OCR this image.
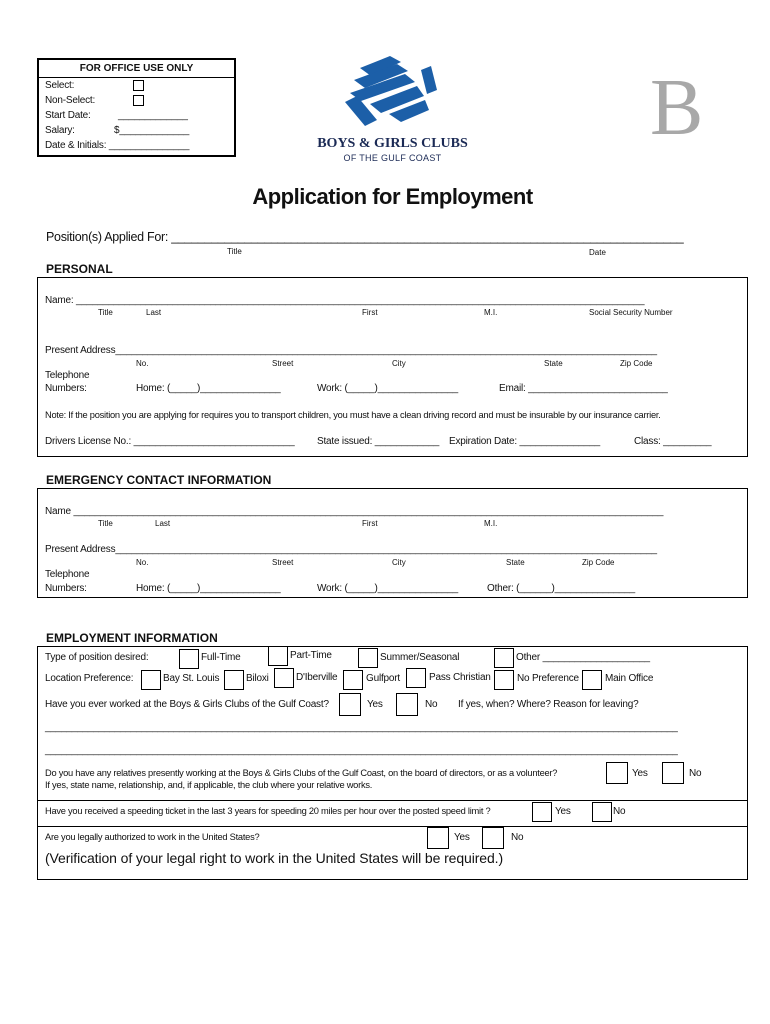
FOR OFFICE USE ONLY
Select:
Non-Select:
Start Date:	_____________
Salary:	$_____________
Date & Initials: _______________	BOYS & GIRLS CLUBS
OF THE GULF COAST
B
Application for Employment
Position(s) Applied For: _____________________________________________________________________________
Title	Date
PERSONAL
Name: __________________________________________________________________________________________________________
Title	Last	First	M.I.	Social Security Number
Present Address_____________________________________________________________________________________________________
No.	Street	City	State	Zip Code
Telephone
Numbers:	Home: (_____)_______________	Work: (_____)_______________	Email: __________________________
Note: If the position you are applying for requires you to transport children, you must have a clean driving record and must be insurable by our insurance carrier.
Drivers License No.: ______________________________ State issued: ____________ Expiration Date: _______________	Class: _________
EMERGENCY CONTACT INFORMATION
Name ______________________________________________________________________________________________________________
Title	Last	First	M.I.
Present Address_____________________________________________________________________________________________________
No.	Street	City	State	Zip Code
Telephone
Numbers:	Home: (_____)_______________	Work: (_____)_______________	Other: (______)_______________
EMPLOYMENT INFORMATION
Type of position desired:	Full-Time	Part-Time	Summer/Seasonal	Other ____________________
Location Preference:	Bay St. Louis	Biloxi	D'Iberville	Gulfport	Pass Christian	No Preference	Main Office
Have you ever worked at the Boys & Girls Clubs of the Gulf Coast?	Yes	No If yes, when? Where? Reason for leaving?
______________________________________________________________________________________________________________________
______________________________________________________________________________________________________________________
Do you have any relatives presently working at the Boys & Girls Clubs of the Gulf Coast, on the board of directors, or as a volunteer?
If yes, state name, relationship, and, if applicable, the club where your relative works.
Yes	No
Have you received a speeding ticket in the last 3 years for speeding 20 miles per hour over the posted speed limit ?	Yes	No
Are you legally authorized to work in the United States?	Yes	No
(Verification of your legal right to work in the United States will be required.)
